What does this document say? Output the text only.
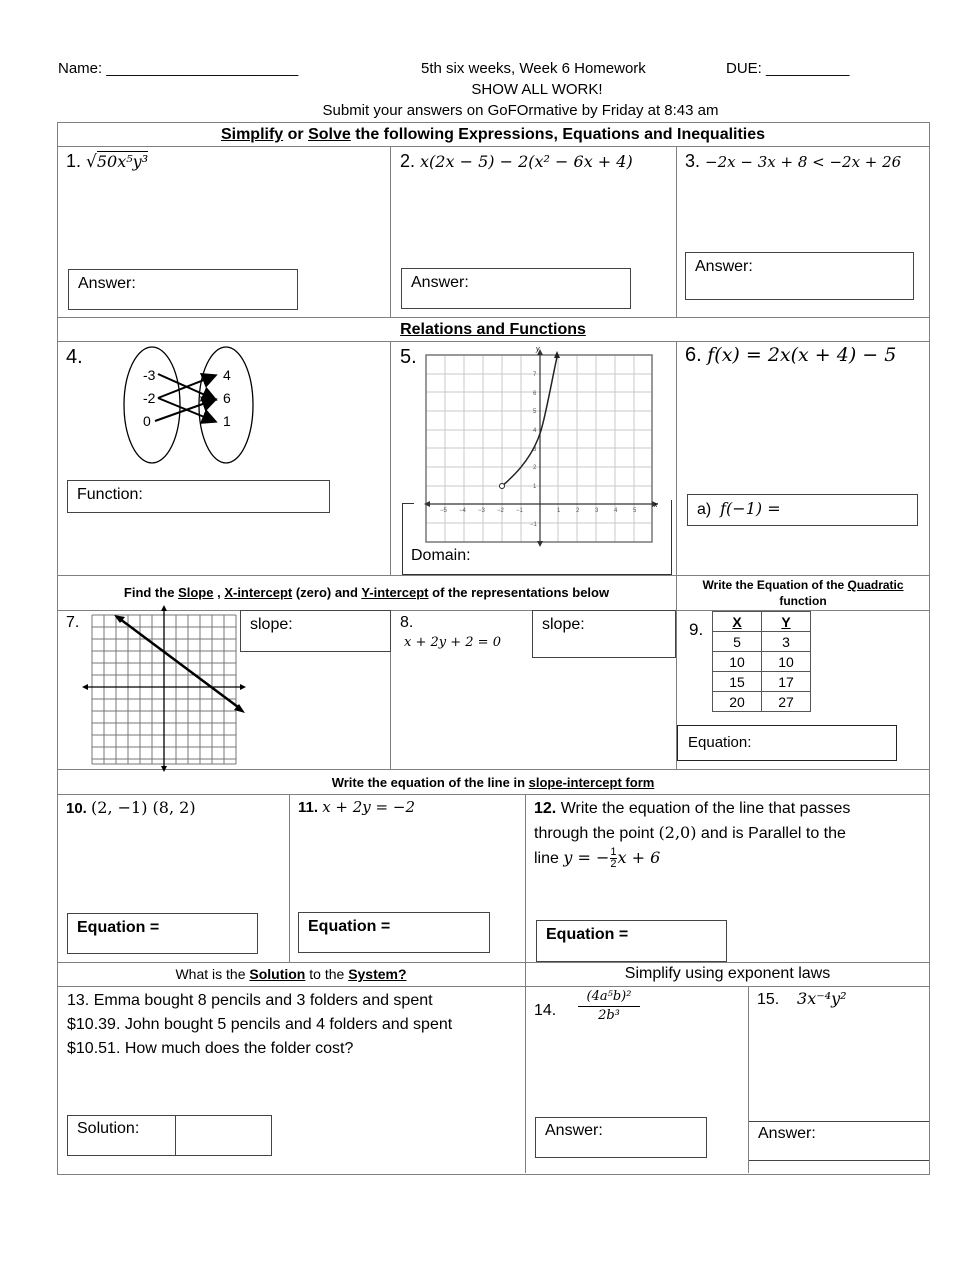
Name: _______________________	5th six weeks, Week 6 Homework	DUE: __________
SHOW ALL WORK!
Submit your answers on GoFOrmative by Friday at 8:43 am
Simplify or Solve the following Expressions, Equations and Inequalities
1. √50x⁵y³
Answer:
2. x(2x − 5) − 2(x² − 6x + 4)
Answer:
3. −2x − 3x + 8 < −2x + 26
Answer:
Relations and Functions
4.
-3
-2
0
4
6
1
Function:
5.
x
y
−5 −4 −3 −2 −1	1	2	3	4	5
7
6
5
4
3
2
1
−1
Domain:
6. f(x) = 2x(x + 4) − 5
a) f(−1) =
Find the Slope , X-intercept (zero) and Y-intercept of the representations below	Write the Equation of the Quadratic
function
7.	slope:	8.
x + 2y + 2 = 0
slope:	9. X	Y
5	3
10	10
15	17
20	27
Equation:
Write the equation of the line in slope-intercept form
10. (2, −1) (8, 2)
Equation =
11. x + 2y = −2
Equation =
12. Write the equation of the line that passes
through the point (2,0) and is Parallel to the
line y = − $\frac{1}{2}$ x + 6
Equation =
What is the Solution to the System?	Simplify using exponent laws
13. Emma bought 8 pencils and 3 folders and spent
$10.39. John bought 5 pencils and 4 folders and spent
$10.51. How much does the folder cost?
Solution:
14. $\frac{\text{(4a⁵b)²}}{\text{2b³}}$
Answer:
15. 3x⁻⁴y²
Answer:
